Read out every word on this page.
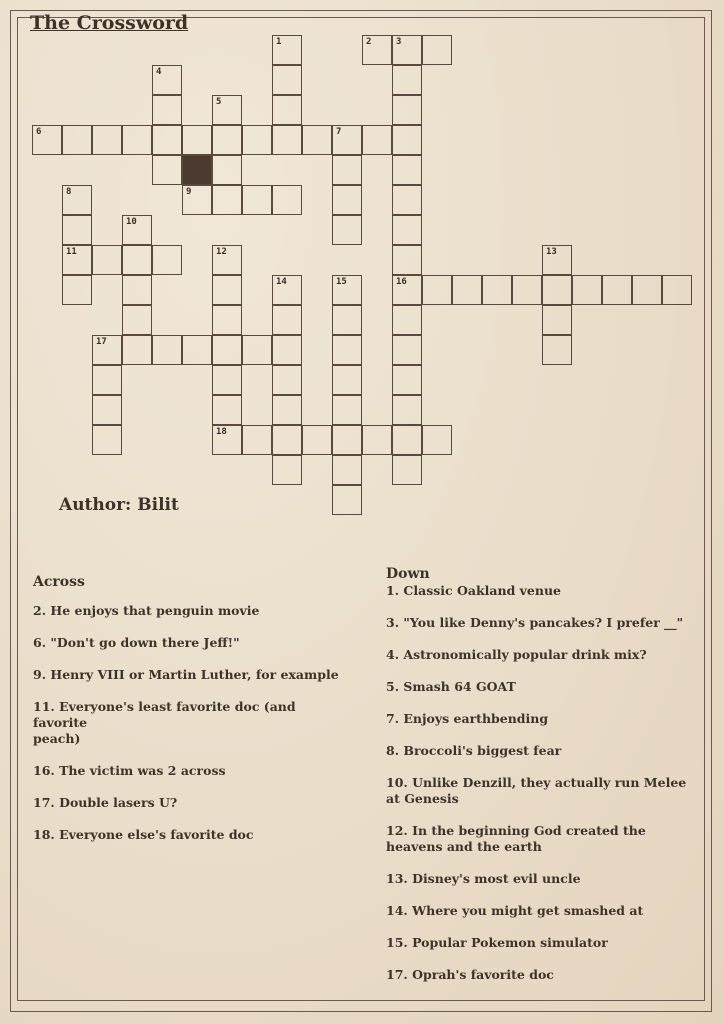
The Crossword
1	2	3
4
5
6	7
8	9
10
11	12	13
14	15	16
17
18
Author: Bilit
Across
2. He enjoys that penguin movie
6. "Don't go down there Jeff!"
9. Henry VIII or Martin Luther, for example
11. Everyone's least favorite doc (and favorite
peach)
16. The victim was 2 across
17. Double lasers U?
18. Everyone else's favorite doc
Down
1. Classic Oakland venue
3. "You like Denny's pancakes? I prefer __"
4. Astronomically popular drink mix?
5. Smash 64 GOAT
7. Enjoys earthbending
8. Broccoli's biggest fear
10. Unlike Denzill, they actually run Melee at Genesis
12. In the beginning God created the heavens and the earth
13. Disney's most evil uncle
14. Where you might get smashed at
15. Popular Pokemon simulator
17. Oprah's favorite doc
